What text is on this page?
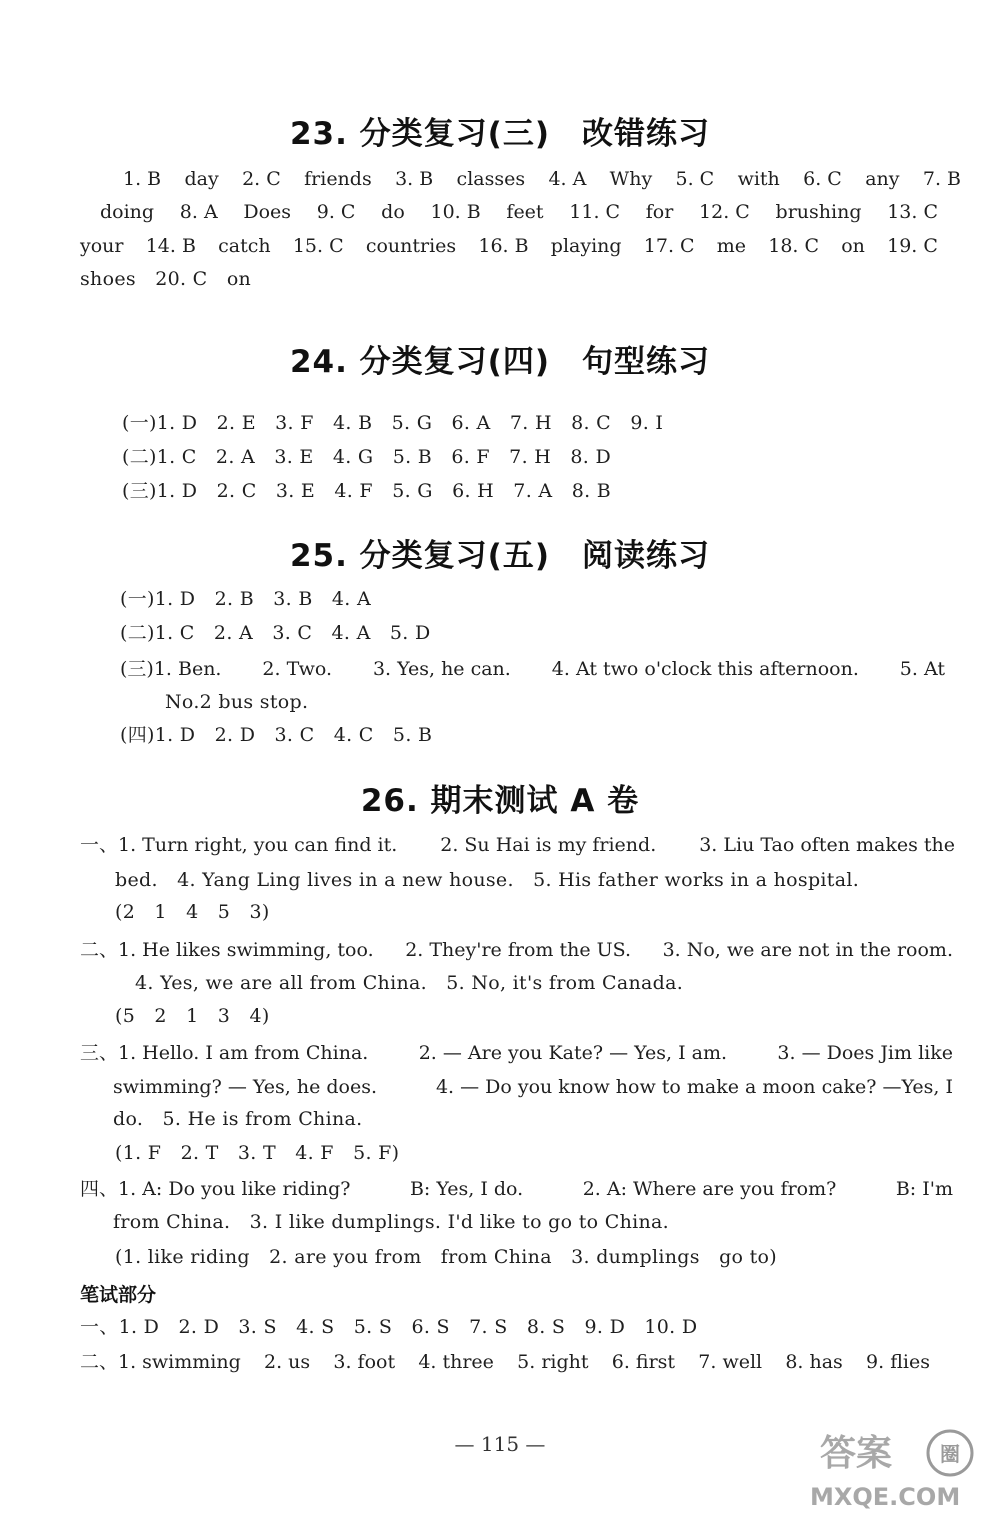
23. 分类复习(三)　改错练习
1. B day 2. C friends 3. B classes 4. A Why 5. C with 6. C any 7. B
doing 8. A Does 9. C do 10. B feet 11. C for 12. C brushing 13. C
your 14. B catch 15. C countries 16. B playing 17. C me 18. C on 19. C
shoes　20. C　on
24. 分类复习(四)　句型练习
(一)1. D　2. E　3. F　4. B　5. G　6. A　7. H　8. C　9. I
(二)1. C　2. A　3. E　4. G　5. B　6. F　7. H　8. D
(三)1. D　2. C　3. E　4. F　5. G　6. H　7. A　8. B
25. 分类复习(五)　阅读练习
(一)1. D　2. B　3. B　4. A
(二)1. C　2. A　3. C　4. A　5. D
(三)1. Ben. 2. Two. 3. Yes, he can. 4. At two o'clock this afternoon. 5. At
No.2 bus stop.
(四)1. D　2. D　3. C　4. C　5. B
26. 期末测试 A 卷
一、1. Turn right, you can find it. 2. Su Hai is my friend. 3. Liu Tao often makes the
bed.　4. Yang Ling lives in a new house.　5. His father works in a hospital.
(2　1　4　5　3)
二、1. He likes swimming, too. 2. They're from the US. 3. No, we are not in the room.
4. Yes, we are all from China.　5. No, it's from Canada.
(5　2　1　3　4)
三、1. Hello. I am from China.	2. — Are you Kate? — Yes, I am.	3. — Does Jim like
swimming? — Yes, he does.	4. — Do you know how to make a moon cake? —Yes, I
do.　5. He is from China.
(1. F　2. T　3. T　4. F　5. F)
四、1. A: Do you like riding?	B: Yes, I do.	2. A: Where are you from?	B: I'm
from China.　3. I like dumplings. I'd like to go to China.
(1. like riding　2. are you from　from China　3. dumplings　go to)
笔试部分
一、1. D　2. D　3. S　4. S　5. S　6. S　7. S　8. S　9. D　10. D
二、1. swimming 2. us 3. foot 4. three 5. right 6. first 7. well 8. has 9. flies
— 115 —	圈
答案
MXQE.COM
